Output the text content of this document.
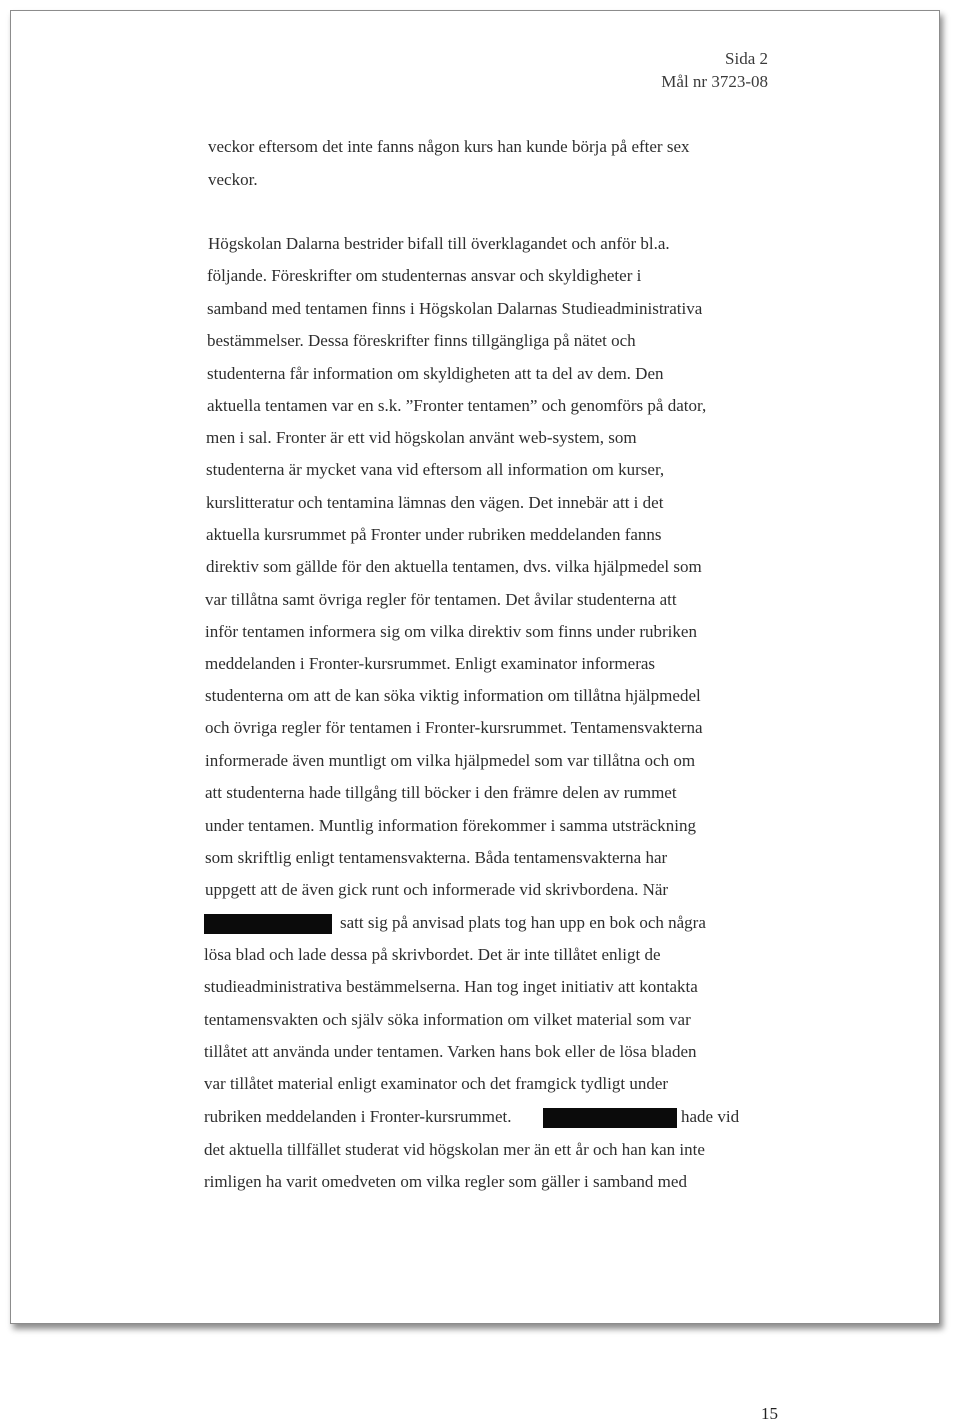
Sida 2
Mål nr 3723-08
veckor eftersom det inte fanns någon kurs han kunde börja på efter sex
veckor.
Högskolan Dalarna bestrider bifall till överklagandet och anför bl.a.
följande. Föreskrifter om studenternas ansvar och skyldigheter i
samband med tentamen finns i Högskolan Dalarnas Studieadministrativa
bestämmelser. Dessa föreskrifter finns tillgängliga på nätet och
studenterna får information om skyldigheten att ta del av dem. Den
aktuella tentamen var en s.k. ”Fronter tentamen” och genomförs på dator,
men i sal. Fronter är ett vid högskolan använt web-system, som
studenterna är mycket vana vid eftersom all information om kurser,
kurslitteratur och tentamina lämnas den vägen. Det innebär att i det
aktuella kursrummet på Fronter under rubriken meddelanden fanns
direktiv som gällde för den aktuella tentamen, dvs. vilka hjälpmedel som
var tillåtna samt övriga regler för tentamen. Det åvilar studenterna att
inför tentamen informera sig om vilka direktiv som finns under rubriken
meddelanden i Fronter-kursrummet. Enligt examinator informeras
studenterna om att de kan söka viktig information om tillåtna hjälpmedel
och övriga regler för tentamen i Fronter-kursrummet. Tentamensvakterna
informerade även muntligt om vilka hjälpmedel som var tillåtna och om
att studenterna hade tillgång till böcker i den främre delen av rummet
under tentamen. Muntlig information förekommer i samma utsträckning
som skriftlig enligt tentamensvakterna. Båda tentamensvakterna har
uppgett att de även gick runt och informerade vid skrivbordena. När
satt sig på anvisad plats tog han upp en bok och några
lösa blad och lade dessa på skrivbordet. Det är inte tillåtet enligt de
studieadministrativa bestämmelserna. Han tog inget initiativ att kontakta
tentamensvakten och själv söka information om vilket material som var
tillåtet att använda under tentamen. Varken hans bok eller de lösa bladen
var tillåtet material enligt examinator och det framgick tydligt under
rubriken meddelanden i Fronter-kursrummet.	hade vid
det aktuella tillfället studerat vid högskolan mer än ett år och han kan inte
rimligen ha varit omedveten om vilka regler som gäller i samband med
15
